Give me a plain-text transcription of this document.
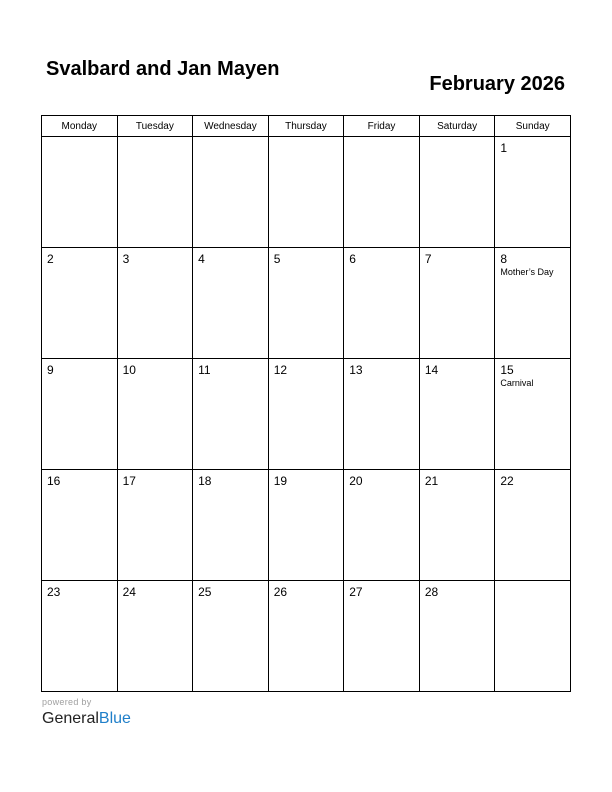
Svalbard and Jan Mayen
February 2026
Monday	Tuesday	Wednesday	Thursday	Friday	Saturday	Sunday

						1

2	3	4	5	6	7	8
Mother’s Day

9	10	11	12	13	14	15
Carnival

16	17	18	19	20	21	22

23	24	25	26	27	28	

powered by
GeneralBlue
